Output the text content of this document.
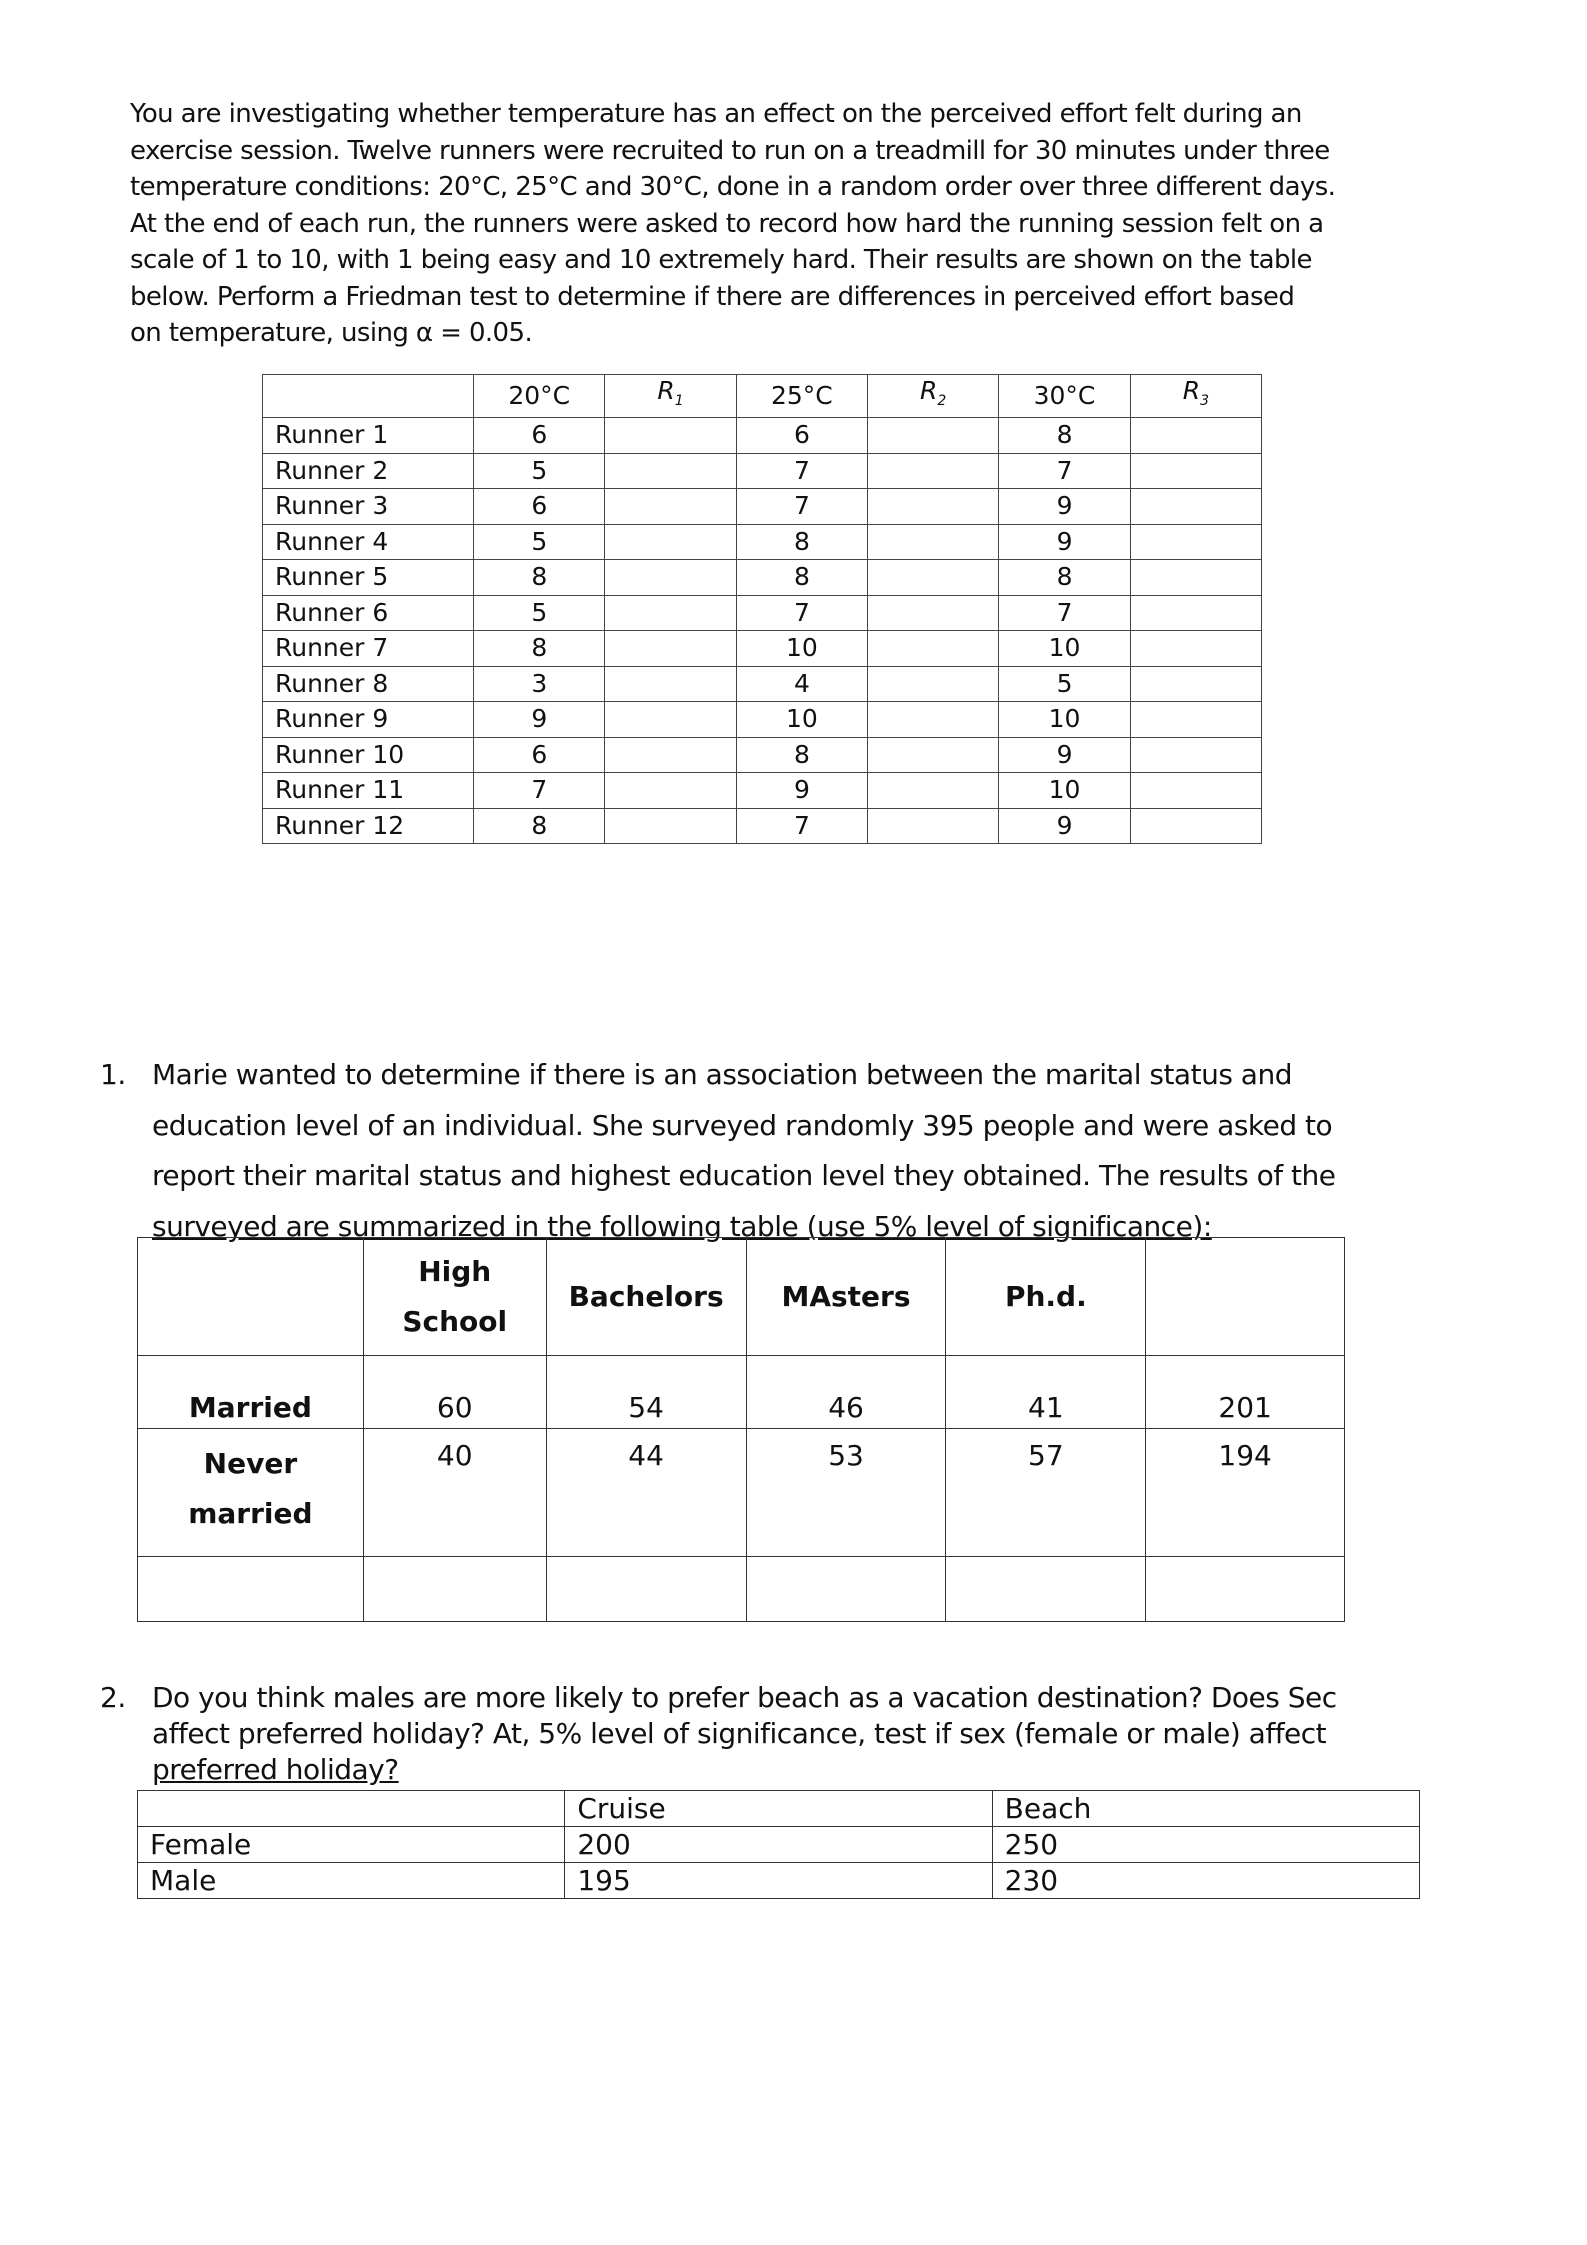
You are investigating whether temperature has an effect on the perceived effort felt during an
exercise session. Twelve runners were recruited to run on a treadmill for 30 minutes under three
temperature conditions: 20°C, 25°C and 30°C, done in a random order over three different days.
At the end of each run, the runners were asked to record how hard the running session felt on a
scale of 1 to 10, with 1 being easy and 10 extremely hard. Their results are shown on the table
below. Perform a Friedman test to determine if there are differences in perceived effort based
on temperature, using α = 0.05.
	20°C	$R_1$	25°C	$R_2$	30°C	$R_3$
Runner 1	6		6		8	
Runner 2	5		7		7	
Runner 3	6		7		9	
Runner 4	5		8		9	
Runner 5	8		8		8	
Runner 6	5		7		7	
Runner 7	8		10		10	
Runner 8	3		4		5	
Runner 9	9		10		10	
Runner 10	6		8		9	
Runner 11	7		9		10	
Runner 12	8		7		9	
1. Marie wanted to determine if there is an association between the marital status and
education level of an individual. She surveyed randomly 395 people and were asked to
report their marital status and highest education level they obtained. The results of the
surveyed are summarized in the following table (use 5% level of significance):

	High
School	Bachelors	MAsters	Ph.d.	
Married	60	54	46	41	201

Never
married	40	44	53	57	194

2. Do you think males are more likely to prefer beach as a vacation destination? Does Sec
affect preferred holiday? At, 5% level of significance, test if sex (female or male) affect
preferred holiday?
	Cruise	Beach
Female	200	250
Male	195	230
